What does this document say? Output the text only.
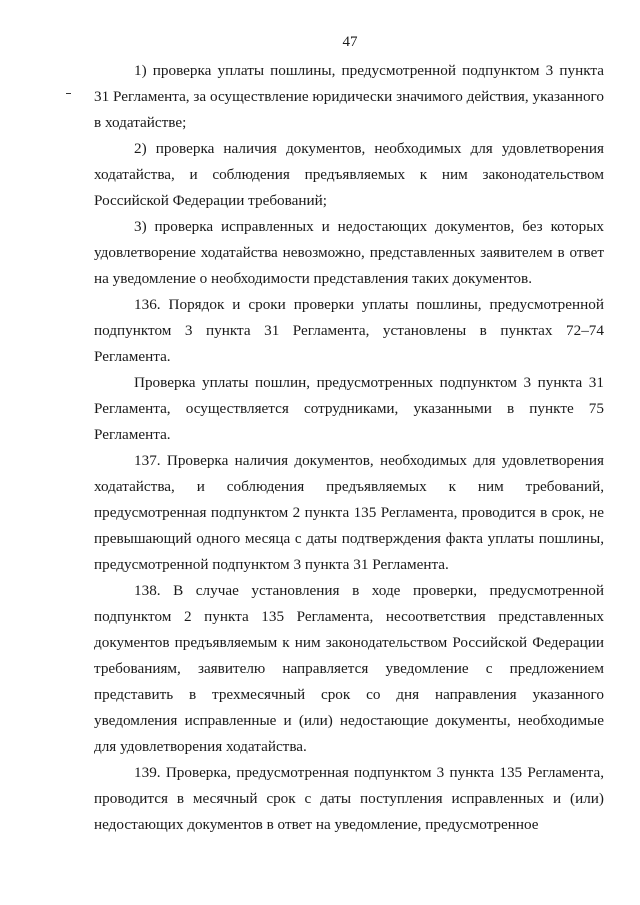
47

1) проверка уплаты пошлины, предусмотренной подпунктом 3 пункта 31 Регламента, за осуществление юридически значимого действия, указанного в ходатайстве;

2) проверка наличия документов, необходимых для удовлетворения ходатайства, и соблюдения предъявляемых к ним законодательством Российской Федерации требований;

3) проверка исправленных и недостающих документов, без которых удовлетворение ходатайства невозможно, представленных заявителем в ответ на уведомление о необходимости представления таких документов.

136. Порядок и сроки проверки уплаты пошлины, предусмотренной подпунктом 3 пункта 31 Регламента, установлены в пунктах 72–74 Регламента.

Проверка уплаты пошлин, предусмотренных подпунктом 3 пункта 31 Регламента, осуществляется сотрудниками, указанными в пункте 75 Регламента.

137. Проверка наличия документов, необходимых для удовлетворения ходатайства, и соблюдения предъявляемых к ним требований, предусмотренная подпунктом 2 пункта 135 Регламента, проводится в срок, не превышающий одного месяца с даты подтверждения факта уплаты пошлины, предусмотренной подпунктом 3 пункта 31 Регламента.

138. В случае установления в ходе проверки, предусмотренной подпунктом 2 пункта 135 Регламента, несоответствия представленных документов предъявляемым к ним законодательством Российской Федерации требованиям, заявителю направляется уведомление с предложением представить в трехмесячный срок со дня направления указанного уведомления исправленные и (или) недостающие документы, необходимые для удовлетворения ходатайства.

139. Проверка, предусмотренная подпунктом 3 пункта 135 Регламента, проводится в месячный срок с даты поступления исправленных и (или) недостающих документов в ответ на уведомление, предусмотренное
